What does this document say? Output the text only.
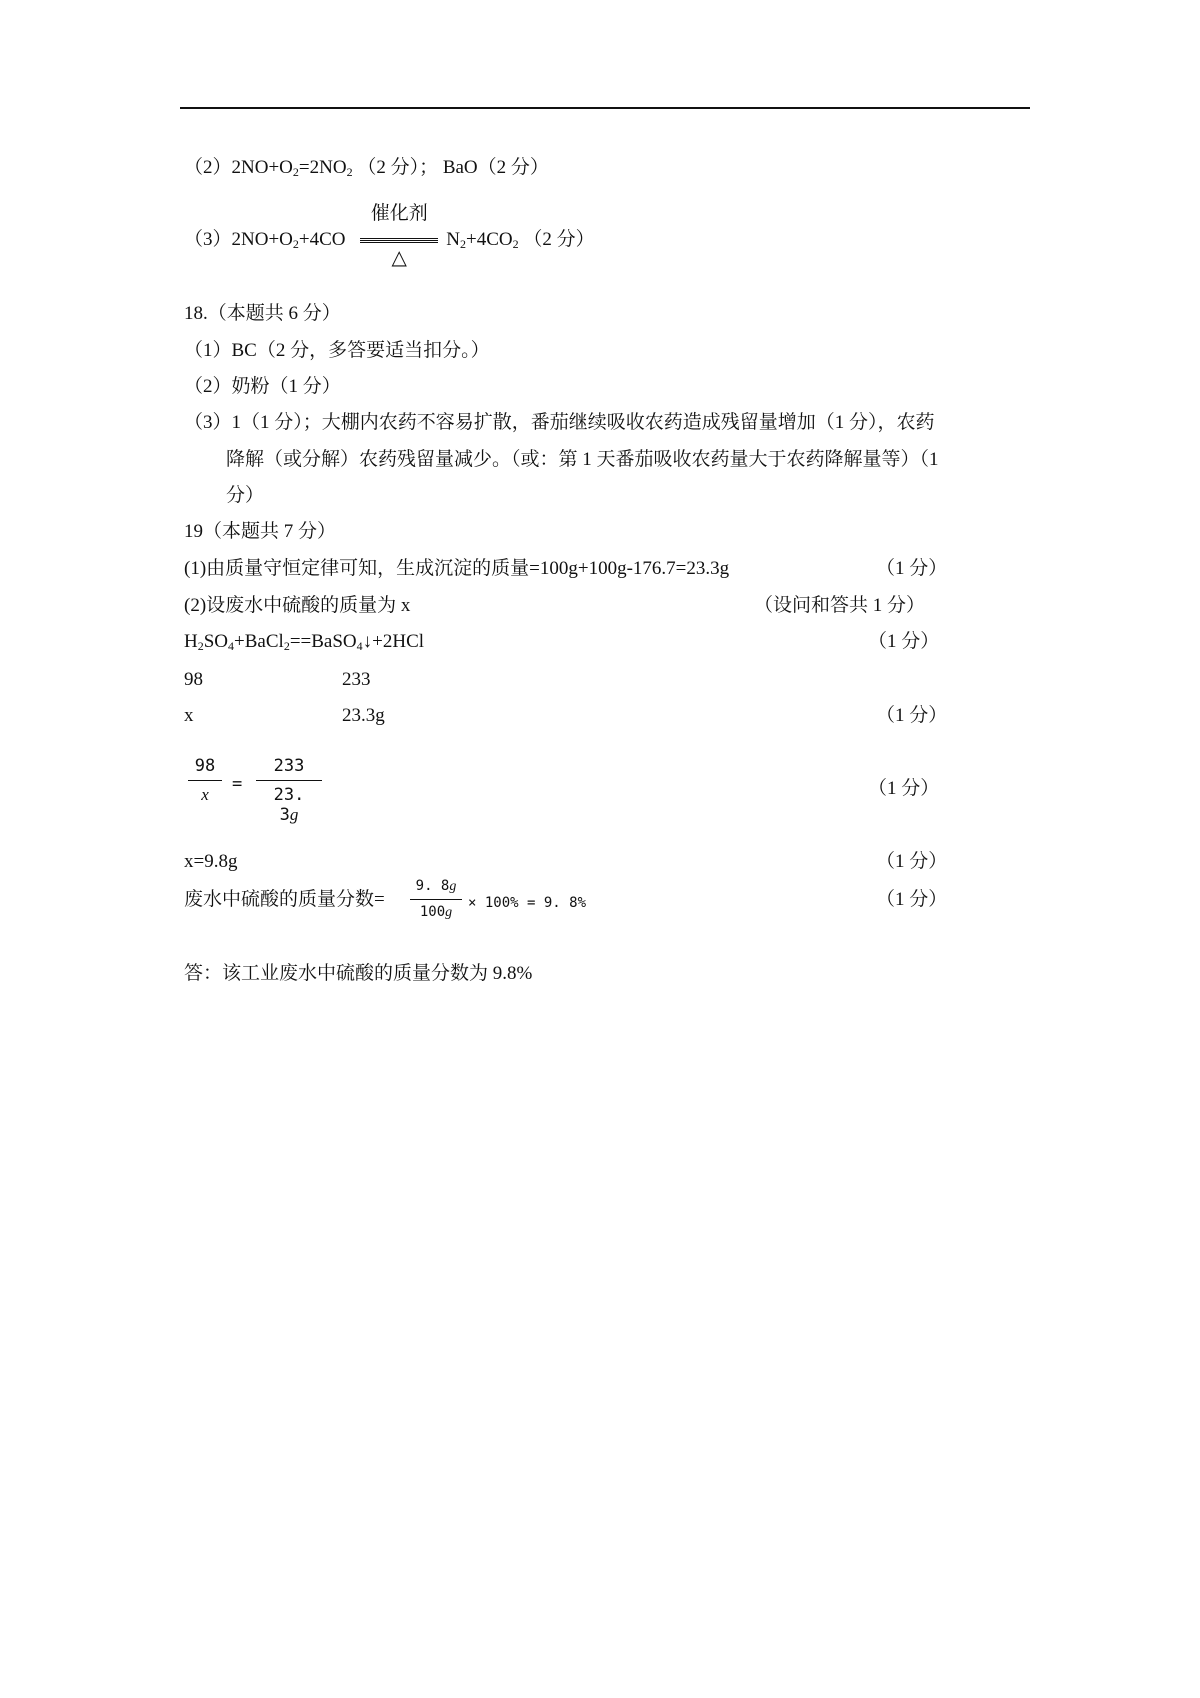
$(2)2NO+O_2=2NO_2$ （2 分）； BaO（2 分）
$(3)2NO+O_2+4CO$
催化剂
△
$N_2+4CO_2$ （2 分）
18.（本题共 6 分）
（1）BC（2 分，多答要适当扣分。）
（2）奶粉（1 分）
（3）1（1 分）；大棚内农药不容易扩散，番茄继续吸收农药造成残留量增加（1 分），农药
降解（或分解）农药残留量减少。（或：第 1 天番茄吸收农药量大于农药降解量等）（1
分）
19（本题共 7 分）
(1)由质量守恒定律可知，生成沉淀的质量=100g+100g-176.7=23.3g	（1 分）
(2)设废水中硫酸的质量为 x	（设问和答共 1 分）
$H_2SO_4+BaCl_2==BaSO_4↓+2HCl$	（1 分）
98	233
x	23.3g	（1 分）
$\frac{98}{x} = \frac{233}{23. 3g}$	（1 分）
x=9.8g	（1 分）
废水中硫酸的质量分数= $\frac{9. 8g}{100g} \times 100\% = 9$. 8%	（1 分）
答：该工业废水中硫酸的质量分数为 9.8%
